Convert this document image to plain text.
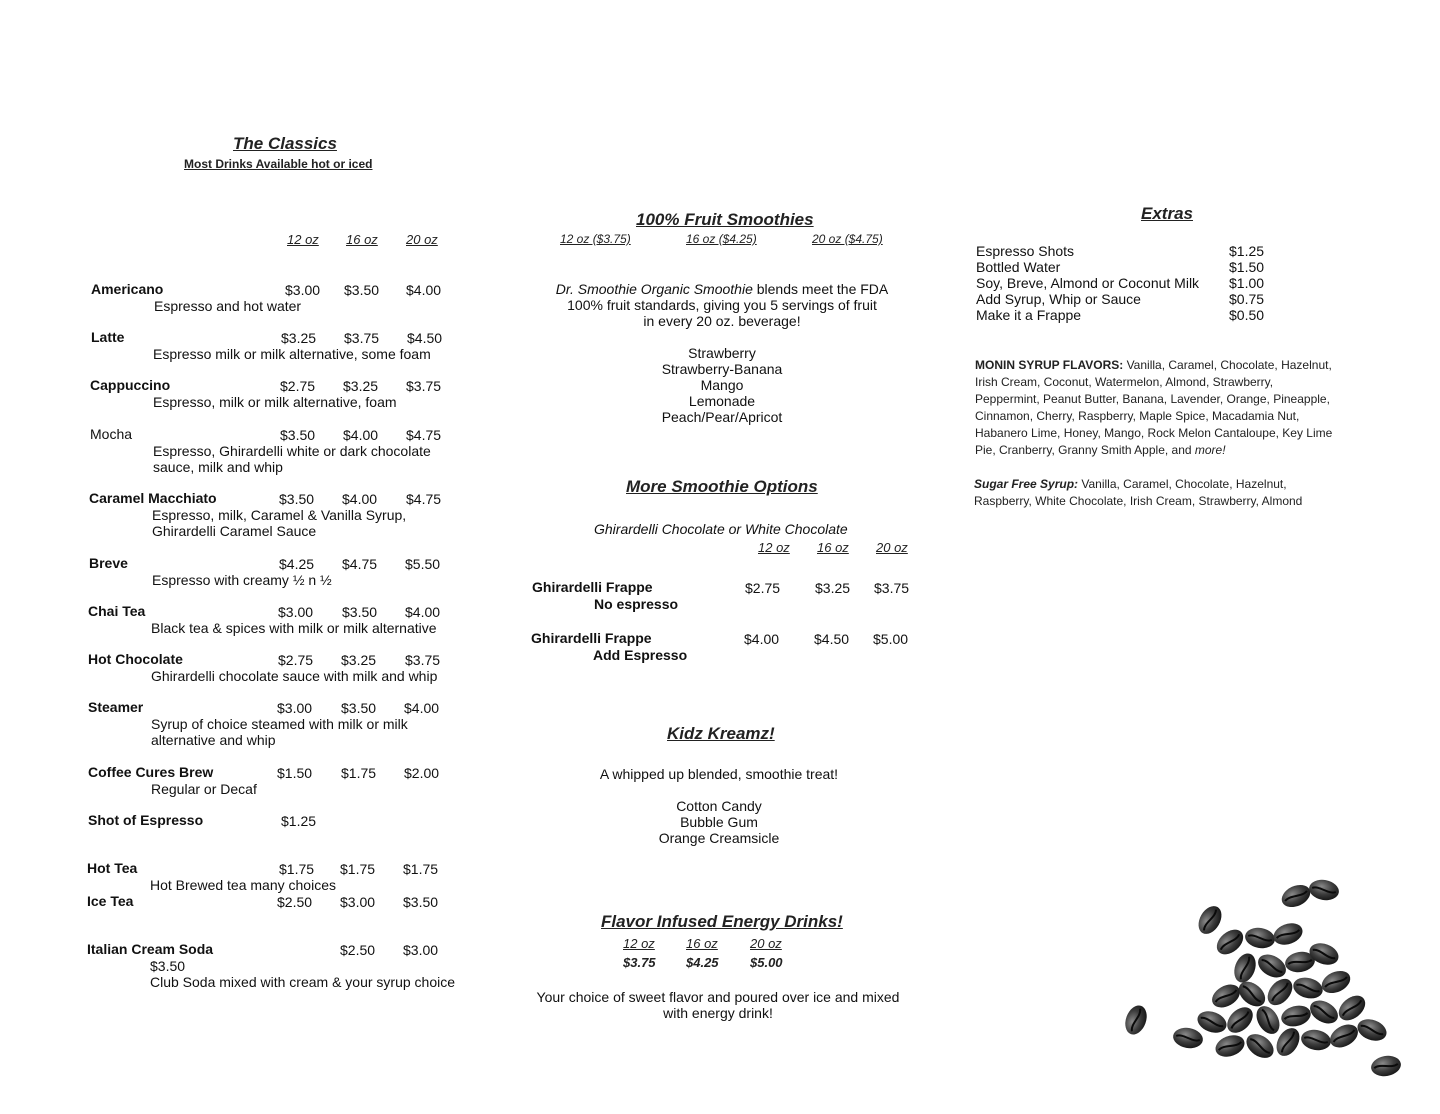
The Classics
Most Drinks Available hot or iced
12 oz 16 oz 20 oz
Americano	$3.00 $3.50 $4.00
Espresso and hot water
Latte	$3.25 $3.75 $4.50
Espresso milk or milk alternative, some foam
Cappuccino	$2.75 $3.25 $3.75
Espresso, milk or milk alternative, foam
Mocha	$3.50 $4.00 $4.75
Espresso, Ghirardelli white or dark chocolate
sauce, milk and whip
Caramel Macchiato	$3.50 $4.00 $4.75
Espresso, milk, Caramel & Vanilla Syrup,
Ghirardelli Caramel Sauce
Breve	$4.25 $4.75 $5.50
Espresso with creamy ½ n ½
Chai Tea	$3.00 $3.50 $4.00
Black tea & spices with milk or milk alternative
Hot Chocolate	$2.75 $3.25 $3.75
Ghirardelli chocolate sauce with milk and whip
Steamer	$3.00 $3.50 $4.00
Syrup of choice steamed with milk or milk
alternative and whip
Coffee Cures Brew	$1.50 $1.75 $2.00
Regular or Decaf
Shot of Espresso	$1.25
Hot Tea	$1.75 $1.75 $1.75
Hot Brewed tea many choices
Ice Tea	$2.50 $3.00 $3.50
Italian Cream Soda	$2.50 $3.00
$3.50
Club Soda mixed with cream & your syrup choice
100% Fruit Smoothies
12 oz ($3.75)	16 oz ($4.25)	20 oz ($4.75)
Dr. Smoothie Organic Smoothie blends meet the FDA
100% fruit standards, giving you 5 servings of fruit
in every 20 oz. beverage!
Strawberry
Strawberry-Banana
Mango
Lemonade
Peach/Pear/Apricot
More Smoothie Options
Ghirardelli Chocolate or White Chocolate
12 oz 16 oz 20 oz
Ghirardelli Frappe
No espresso
$2.75 $3.25 $3.75
Ghirardelli Frappe
Add Espresso
$4.00 $4.50 $5.00
Kidz Kreamz!
A whipped up blended, smoothie treat!
Cotton Candy
Bubble Gum
Orange Creamsicle
Flavor Infused Energy Drinks!
12 oz 16 oz 20 oz
$3.75 $4.25 $5.00
Your choice of sweet flavor and poured over ice and mixed
with energy drink!
Extras
Espresso Shots	$1.25
Bottled Water	$1.50
Soy, Breve, Almond or Coconut Milk $1.00
Add Syrup, Whip or Sauce	$0.75
Make it a Frappe	$0.50
MONIN SYRUP FLAVORS: Vanilla, Caramel, Chocolate, Hazelnut,
Irish Cream, Coconut, Watermelon, Almond, Strawberry,
Peppermint, Peanut Butter, Banana, Lavender, Orange, Pineapple,
Cinnamon, Cherry, Raspberry, Maple Spice, Macadamia Nut,
Habanero Lime, Honey, Mango, Rock Melon Cantaloupe, Key Lime
Pie, Cranberry, Granny Smith Apple, and more!
Sugar Free Syrup: Vanilla, Caramel, Chocolate, Hazelnut,
Raspberry, White Chocolate, Irish Cream, Strawberry, Almond
